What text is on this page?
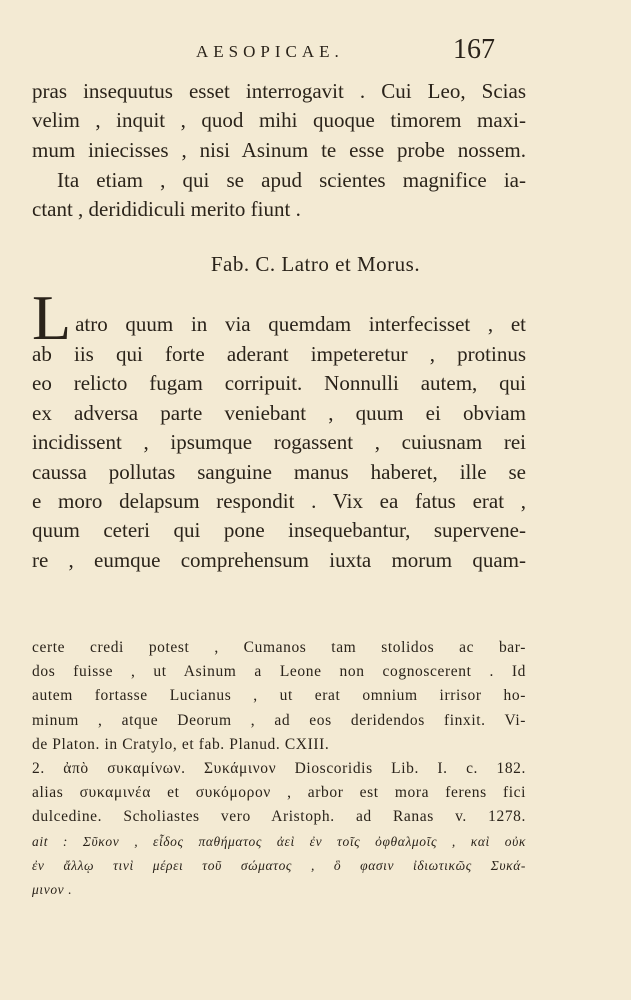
AESOPICAE.	167
pras insequutus esset interrogavit . Cui Leo, Scias
velim , inquit , quod mihi quoque timorem maxi-
mum iniecisses , nisi Asinum te esse probe nossem.
Ita etiam , qui se apud scientes magnifice ia-
ctant , derididiculi merito fiunt .
Fab. C. Latro et Morus.
L atro quum in via quemdam interfecisset , et
ab iis qui forte aderant impeteretur , protinus
eo relicto fugam corripuit. Nonnulli autem, qui
ex adversa parte veniebant , quum ei obviam
incidissent , ipsumque rogassent , cuiusnam rei
caussa pollutas sanguine manus haberet, ille se
e moro delapsum respondit . Vix ea fatus erat ,
quum ceteri qui pone insequebantur, supervene-
re , eumque comprehensum iuxta morum quam-
certe credi potest , Cumanos tam stolidos ac bar-
dos fuisse , ut Asinum a Leone non cognoscerent . Id
autem fortasse Lucianus , ut erat omnium irrisor ho-
minum , atque Deorum , ad eos deridendos finxit. Vi-
de Platon. in Cratylo, et fab. Planud. CXIII.
2. ἀπὸ συκαμίνων. Συκάμινον Dioscoridis Lib. I. c. 182.
alias συκαμινέα et συκόμορον , arbor est mora ferens fici
dulcedine. Scholiastes vero Aristoph. ad Ranas v. 1278.
ait : Σῦκον , εἶδος παθήματος ἀεὶ ἐν τοῖς ὀφθαλμοῖς , καὶ οὐκ
ἐν ἄλλῳ τινὶ μέρει τοῦ σώματος , ὃ φασιν ἰδιωτικῶς Συκά-
μινον .
